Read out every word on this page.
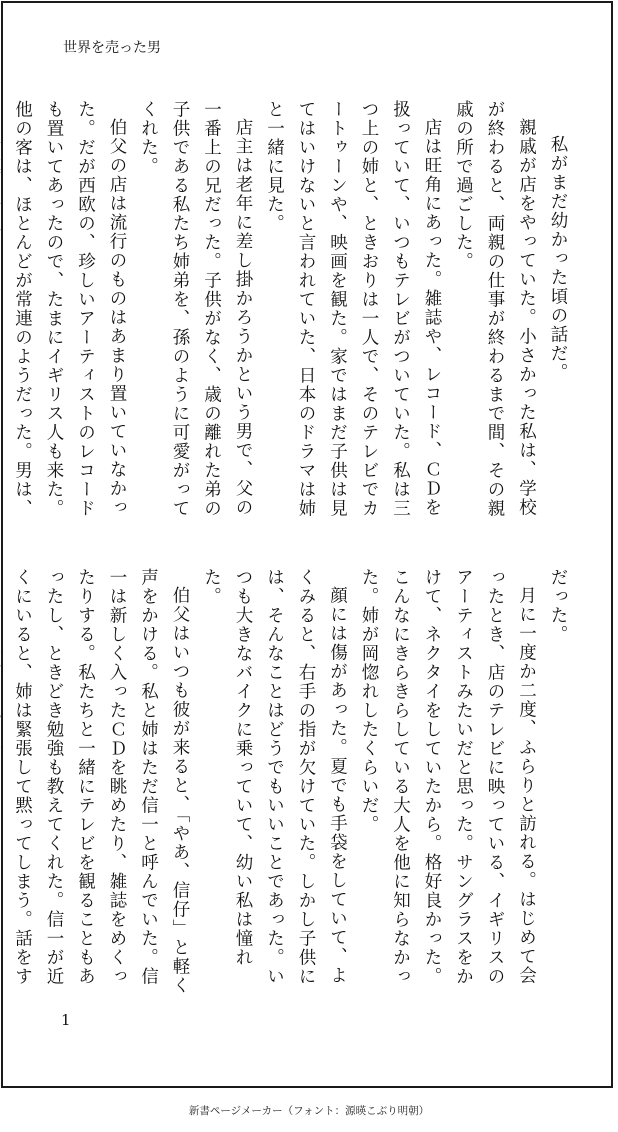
世界を売った男

私がまだ幼かった頃の話だ。

親戚が店をやっていた。小さかった私は、学校が終わると、両親の仕事が終わるまで間、その親戚の所で過ごした。

店は旺角にあった。雑誌や、レコード、ＣＤを扱っていて、いつもテレビがついていた。私は三つ上の姉と、ときおりは一人で、そのテレビでカートゥーンや、映画を観た。家ではまだ子供は見てはいけないと言われていた、日本のドラマは姉と一緒に見た。

店主は老年に差し掛かろうかという男で、父の一番上の兄だった。子供がなく、歳の離れた弟の子供である私たち姉弟を、孫のように可愛がってくれた。

伯父の店は流行のものはあまり置いていなかった。だが西欧の、珍しいアーティストのレコードも置いてあったので、たまにイギリス人も来た。他の客は、ほとんどが常連のようだった。男は、

だった。

月に一度か二度、ふらりと訪れる。はじめて会ったとき、店のテレビに映っている、イギリスのアーティストみたいだと思った。サングラスをかけて、ネクタイをしていたから。格好良かった。こんなにきらきらしている大人を他に知らなかった。姉が岡惚れしたくらいだ。

顔には傷があった。夏でも手袋をしていて、よくみると、右手の指が欠けていた。しかし子供には、そんなことはどうでもいいことであった。いつも大きなバイクに乗っていて、幼い私は憧れた。

伯父はいつも彼が来ると、「やあ、信仔」と軽く声をかける。私と姉はただ信一と呼んでいた。信一は新しく入ったＣＤを眺めたり、雑誌をめくったりする。私たちと一緒にテレビを観ることもあったし、ときどき勉強も教えてくれた。信一が近くにいると、姉は緊張して黙ってしまう。話をす

1
新書ページメーカー（フォント：源暎こぶり明朝）
